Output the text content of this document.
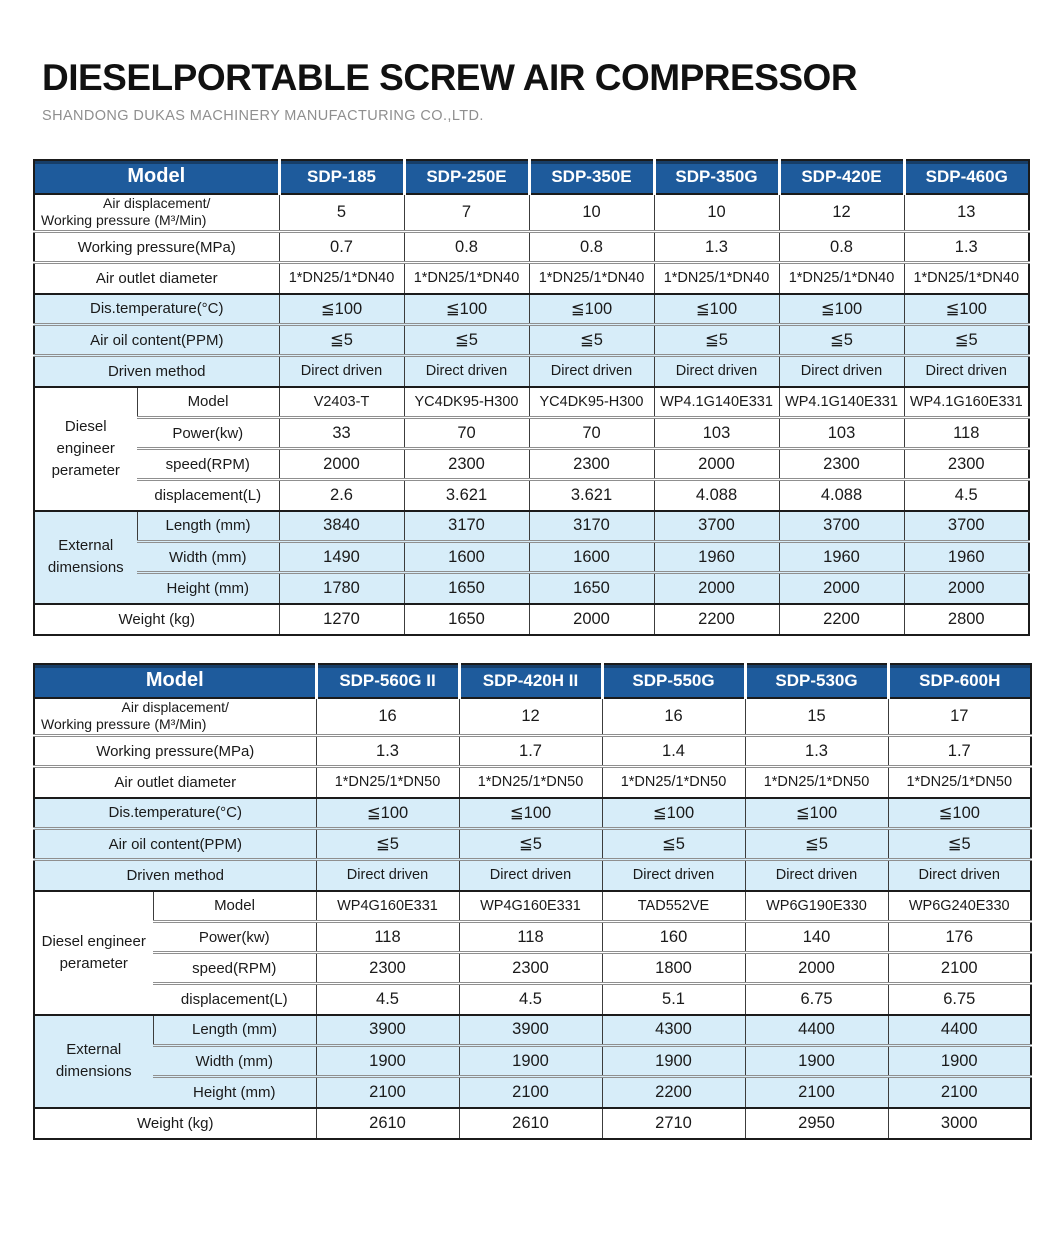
DIESELPORTABLE SCREW AIR COMPRESSOR

SHANDONG DUKAS MACHINERY MANUFACTURING CO.,LTD.

Model		SDP-185	SDP-250E	SDP-350E	SDP-350G	SDP-420E	SDP-460G

Air displacement/
Working pressure (M³/Min)		5	7	10	10	12	13
Working pressure(MPa)		0.7	0.8	0.8	1.3	0.8	1.3
Air outlet diameter		1*DN25/1*DN40	1*DN25/1*DN40	1*DN25/1*DN40	1*DN25/1*DN40	1*DN25/1*DN40	1*DN25/1*DN40
Dis.temperature(°C)		≦100	≦100	≦100	≦100	≦100	≦100
Air oil content(PPM)		≦5	≦5	≦5	≦5	≦5	≦5
Driven method		Direct driven	Direct driven	Direct driven	Direct driven	Direct driven	Direct driven
Diesel engineer perameter	Model	V2403-T	YC4DK95-H300	YC4DK95-H300	WP4.1G140E331	WP4.1G140E331	WP4.1G160E331
	Power(kw)	33	70	70	103	103	118
	speed(RPM)	2000	2300	2300	2000	2300	2300
	displacement(L)	2.6	3.621	3.621	4.088	4.088	4.5
External dimensions	Length (mm)	3840	3170	3170	3700	3700	3700
	Width (mm)	1490	1600	1600	1960	1960	1960
	Height (mm)	1780	1650	1650	2000	2000	2000
Weight (kg)		1270	1650	2000	2200	2200	2800
Model		SDP-560G II	SDP-420H II	SDP-550G	SDP-530G	SDP-600H

Air displacement/
Working pressure (M³/Min)		16	12	16	15	17
Working pressure(MPa)		1.3	1.7	1.4	1.3	1.7
Air outlet diameter		1*DN25/1*DN50	1*DN25/1*DN50	1*DN25/1*DN50	1*DN25/1*DN50	1*DN25/1*DN50
Dis.temperature(°C)		≦100	≦100	≦100	≦100	≦100
Air oil content(PPM)		≦5	≦5	≦5	≦5	≦5
Driven method		Direct driven	Direct driven	Direct driven	Direct driven	Direct driven
Diesel engineer perameter	Model	WP4G160E331	WP4G160E331	TAD552VE	WP6G190E330	WP6G240E330
	Power(kw)	118	118	160	140	176
	speed(RPM)	2300	2300	1800	2000	2100
	displacement(L)	4.5	4.5	5.1	6.75	6.75
External dimensions	Length (mm)	3900	3900	4300	4400	4400
	Width (mm)	1900	1900	1900	1900	1900
	Height (mm)	2100	2100	2200	2100	2100
Weight (kg)		2610	2610	2710	2950	3000
